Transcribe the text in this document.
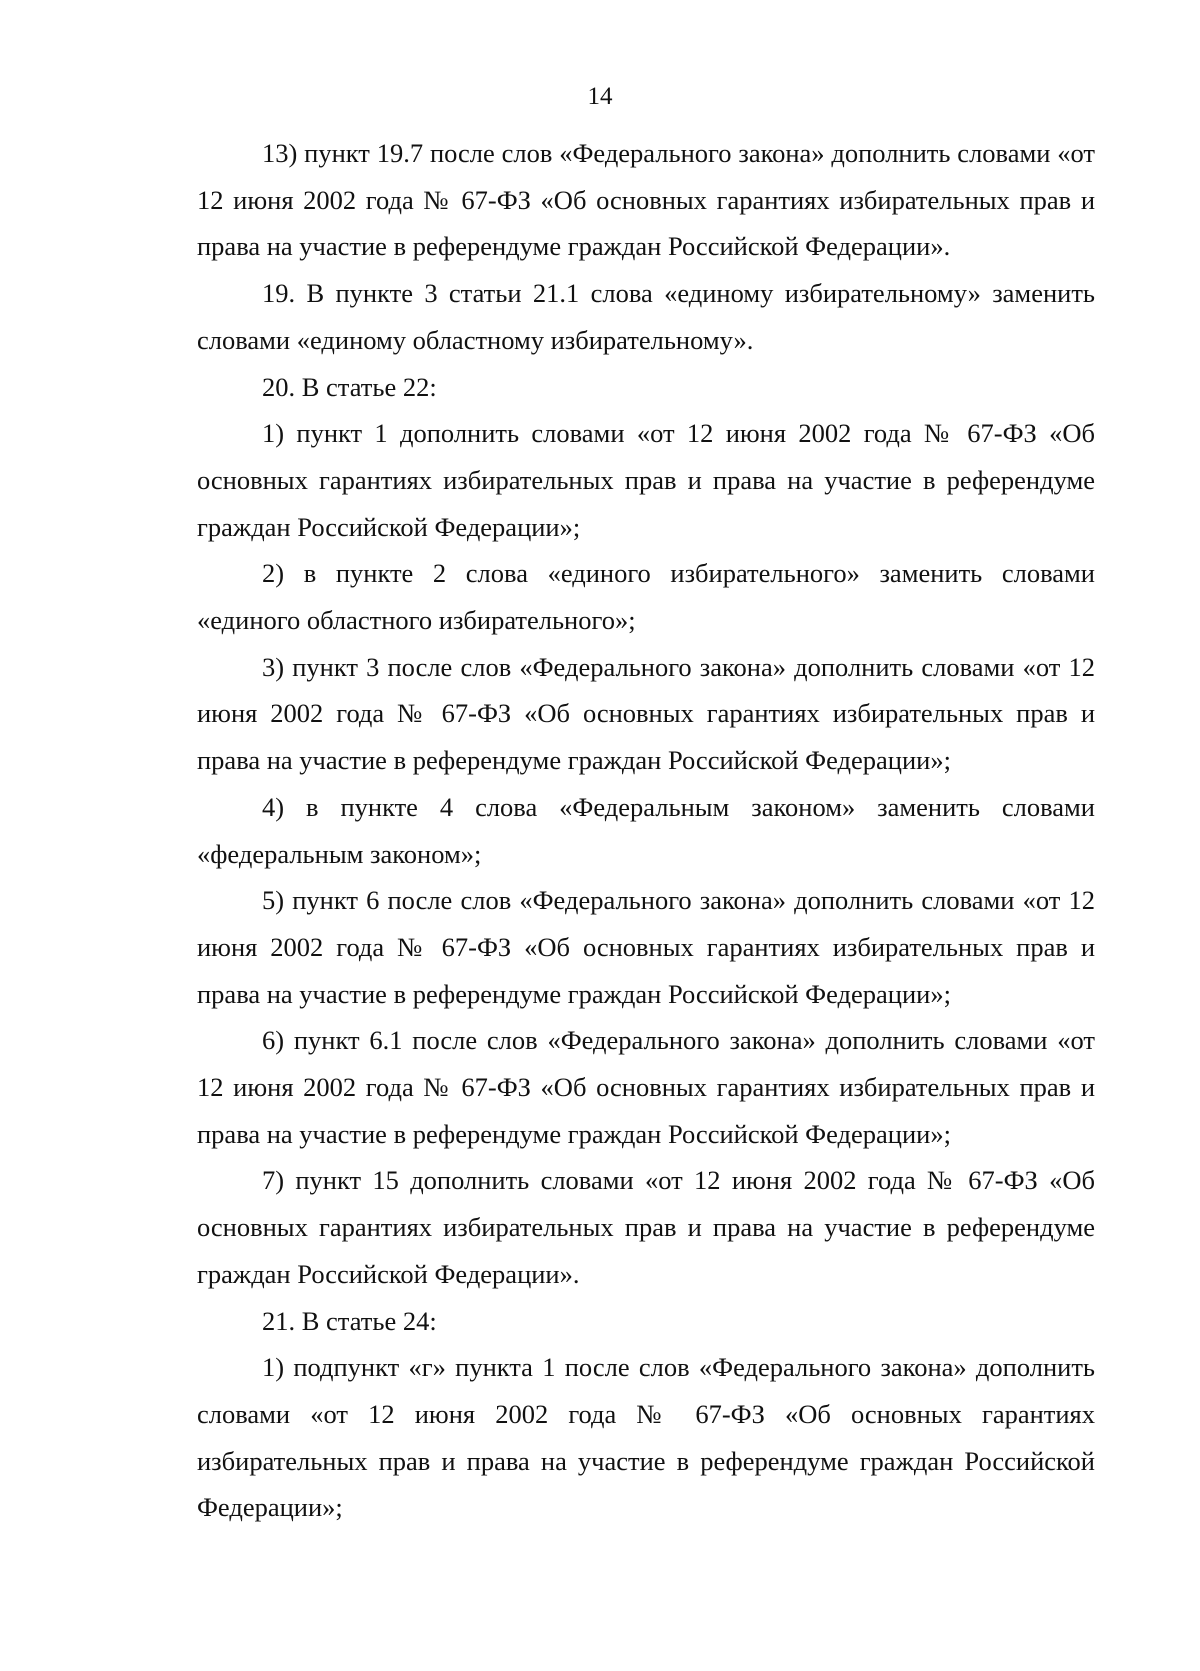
14

13) пункт 19.7 после слов «Федерального закона» дополнить словами «от 12 июня 2002 года № 67-ФЗ «Об основных гарантиях избирательных прав и права на участие в референдуме граждан Российской Федерации».

19. В пункте 3 статьи 21.1 слова «единому избирательному» заменить словами «единому областному избирательному».

20. В статье 22:

1) пункт 1 дополнить словами «от 12 июня 2002 года № 67-ФЗ «Об основных гарантиях избирательных прав и права на участие в референдуме граждан Российской Федерации»;

2) в пункте 2 слова «единого избирательного» заменить словами «единого областного избирательного»;

3) пункт 3 после слов «Федерального закона» дополнить словами «от 12 июня 2002 года № 67-ФЗ «Об основных гарантиях избирательных прав и права на участие в референдуме граждан Российской Федерации»;

4) в пункте 4 слова «Федеральным законом» заменить словами «федеральным законом»;

5) пункт 6 после слов «Федерального закона» дополнить словами «от 12 июня 2002 года № 67-ФЗ «Об основных гарантиях избирательных прав и права на участие в референдуме граждан Российской Федерации»;

6) пункт 6.1 после слов «Федерального закона» дополнить словами «от 12 июня 2002 года № 67-ФЗ «Об основных гарантиях избирательных прав и права на участие в референдуме граждан Российской Федерации»;

7) пункт 15 дополнить словами «от 12 июня 2002 года № 67-ФЗ «Об основных гарантиях избирательных прав и права на участие в референдуме граждан Российской Федерации».

21. В статье 24:

1) подпункт «г» пункта 1 после слов «Федерального закона» дополнить словами «от 12 июня 2002 года № 67-ФЗ «Об основных гарантиях избирательных прав и права на участие в референдуме граждан Российской Федерации»;
